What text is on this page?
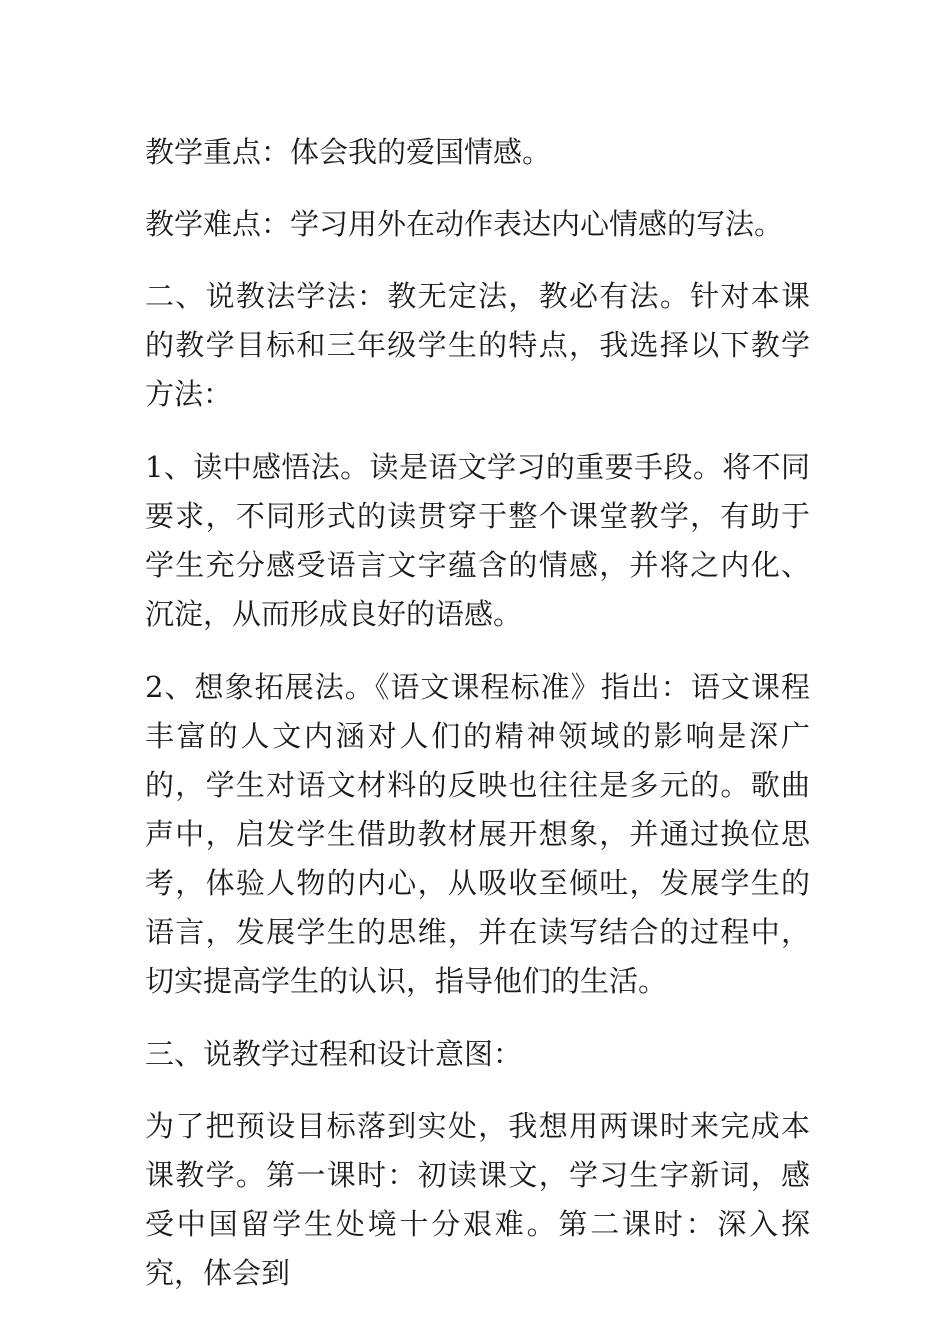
教学重点：体会我的爱国情感。

教学难点：学习用外在动作表达内心情感的写法。

二、说教法学法：教无定法，教必有法。针对本课的教学目标和三年级学生的特点，我选择以下教学方法：

1、读中感悟法。读是语文学习的重要手段。将不同要求，不同形式的读贯穿于整个课堂教学，有助于学生充分感受语言文字蕴含的情感，并将之内化、沉淀，从而形成良好的语感。

2、想象拓展法。《语文课程标准》指出：语文课程丰富的人文内涵对人们的精神领域的影响是深广的，学生对语文材料的反映也往往是多元的。歌曲声中，启发学生借助教材展开想象，并通过换位思考，体验人物的内心，从吸收至倾吐，发展学生的语言，发展学生的思维，并在读写结合的过程中，切实提高学生的认识，指导他们的生活。

三、说教学过程和设计意图：

为了把预设目标落到实处，我想用两课时来完成本课教学。第一课时：初读课文，学习生字新词，感受中国留学生处境十分艰难。第二课时：深入探究，体会到
